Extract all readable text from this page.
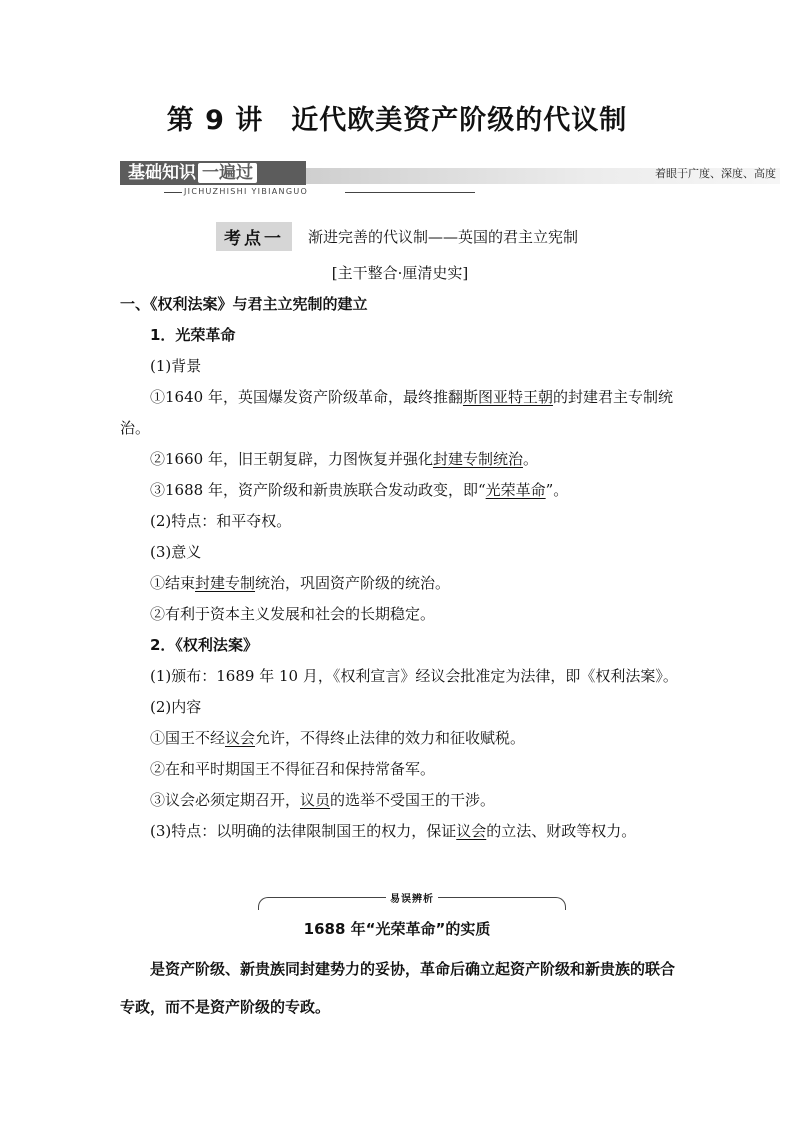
第 9 讲 近代欧美资产阶级的代议制
基础知识 一遍过	着眼于广度、深度、高度
JICHUZHISHI YIBIANGUO
考点一 渐进完善的代议制——英国的君主立宪制
[主干整合·厘清史实]
一、《权利法案》与君主立宪制的建立
1．光荣革命
(1)背景
①1640 年，英国爆发资产阶级革命，最终推翻斯图亚特王朝的封建君主专制统治。
②1660 年，旧王朝复辟，力图恢复并强化封建专制统治。
③1688 年，资产阶级和新贵族联合发动政变，即“光荣革命”。
(2)特点：和平夺权。
(3)意义
①结束封建专制统治，巩固资产阶级的统治。
②有利于资本主义发展和社会的长期稳定。
2．《权利法案》
(1)颁布：1689 年 10 月，《权利宣言》经议会批准定为法律，即《权利法案》。
(2)内容
①国王不经议会允许，不得终止法律的效力和征收赋税。
②在和平时期国王不得征召和保持常备军。
③议会必须定期召开，议员的选举不受国王的干涉。
(3)特点：以明确的法律限制国王的权力，保证议会的立法、财政等权力。
易误辨析
1688 年“光荣革命”的实质
是资产阶级、新贵族同封建势力的妥协，革命后确立起资产阶级和新贵族的联合专政，而不是资产阶级的专政。
